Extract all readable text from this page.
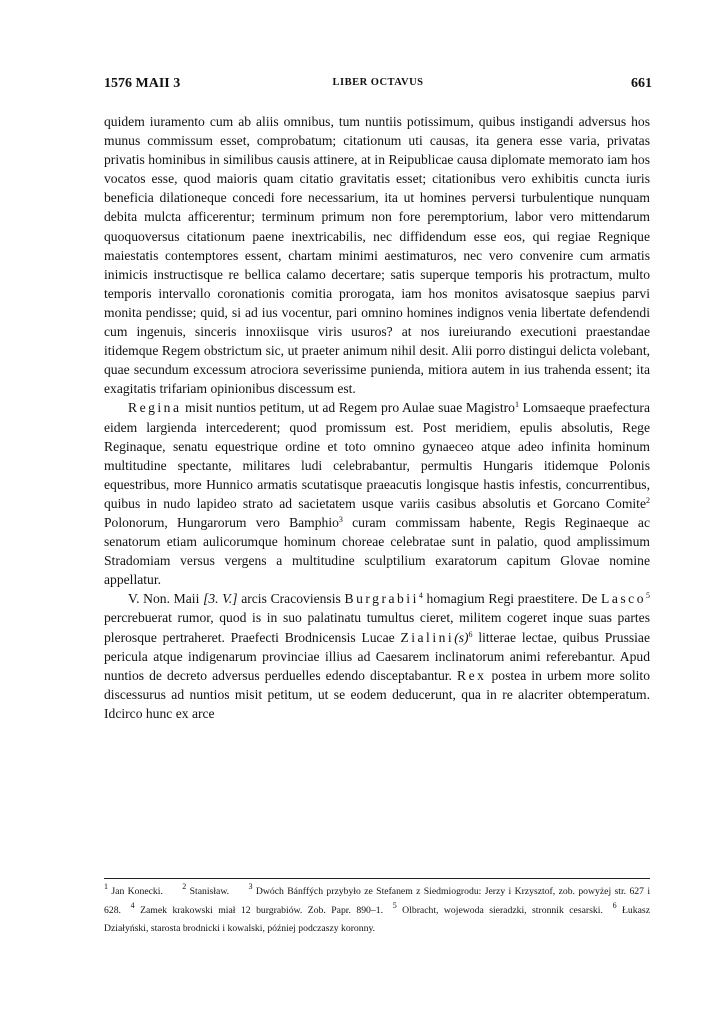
1576 MAII 3	LIBER OCTAVUS	661

quidem iuramento cum ab aliis omnibus, tum nuntiis potissimum, quibus instigandi adversus hos munus commissum esset, comprobatum; citationum uti causas, ita genera esse varia, privatas privatis hominibus in similibus causis attinere, at in Reipublicae causa diplomate memorato iam hos vocatos esse, quod maioris quam citatio gravitatis esset; citationibus vero exhibitis cuncta iuris beneficia dilationeque concedi fore necessarium, ita ut homines perversi turbulentique nunquam debita mulcta afficerentur; terminum primum non fore peremptorium, labor vero mittendarum quoquoversus citationum paene inextricabilis, nec diffidendum esse eos, qui regiae Regnique maiestatis contemptores essent, chartam minimi aestimaturos, nec vero convenire cum armatis inimicis instructisque re bellica calamo decertare; satis superque temporis his protractum, multo temporis intervallo coronationis comitia prorogata, iam hos monitos avisatosque saepius parvi monita pendisse; quid, si ad ius vocentur, pari omnino homines indignos venia libertate defendendi cum ingenuis, sinceris innoxiisque viris usuros? at nos iureiurando executioni praestandae itidemque Regem obstrictum sic, ut praeter animum nihil desit. Alii porro distingui delicta volebant, quae secundum excessum atrociora severissime punienda, mitiora autem in ius trahenda essent; ita exagitatis trifariam opinionibus discessum est.

Regina misit nuntios petitum, ut ad Regem pro Aulae suae Magistro$^1$ Lomsaeque praefectura eidem largienda intercederent; quod promissum est. Post meridiem, epulis absolutis, Rege Reginaque, senatu equestrique ordine et toto omnino gynaeceo atque adeo infinita hominum multitudine spectante, militares ludi celebrabantur, permultis Hungaris itidemque Polonis equestribus, more Hunnico armatis scutatisque praeacutis longisque hastis infestis, concurrentibus, quibus in nudo lapideo strato ad sacietatem usque variis casibus absolutis et Gorcano Comite$^2$ Polonorum, Hungarorum vero Bamphio$^3$ curam commissam habente, Regis Reginaeque ac senatorum etiam aulicorumque hominum choreae celebratae sunt in palatio, quod amplissimum Stradomiam versus vergens a multitudine sculptilium exaratorum capitum Glovae nomine appellatur.

V. Non. Maii [3. V.] arcis Cracoviensis Burgrabii$^4$ homagium Regi praestitere. De Lasco$^5$ percrebuerat rumor, quod is in suo palatinatu tumultus cieret, militem cogeret inque suas partes plerosque pertraheret. Praefecti Brodnicensis Lucae $Zialini(s)^6$ litterae lectae, quibus Prussiae pericula atque indigenarum provinciae illius ad Caesarem inclinatorum animi referebantur. Apud nuntios de decreto adversus perduelles edendo disceptabantur. Rex postea in urbem more solito discessurus ad nuntios misit petitum, ut se eodem deducerunt, qua in re alacriter obtemperatum. Idcirco hunc ex arce

$^1$ Jan Konecki.   $^2$ Stanisław.   $^3$ Dwóch Bánffých przybyło ze Stefanem z Siedmiogrodu: Jerzy i Krzysztof, zob. powyżej str. 627 i 628.  $^4$ Zamek krakowski miał 12 burgrabiów. Zob. Papr. 890–1.  $^5$ Olbracht, wojewoda sieradzki, stronnik cesarski.  $^6$ Łukasz Działyński, starosta brodnicki i kowalski, później podczaszy koronny.
